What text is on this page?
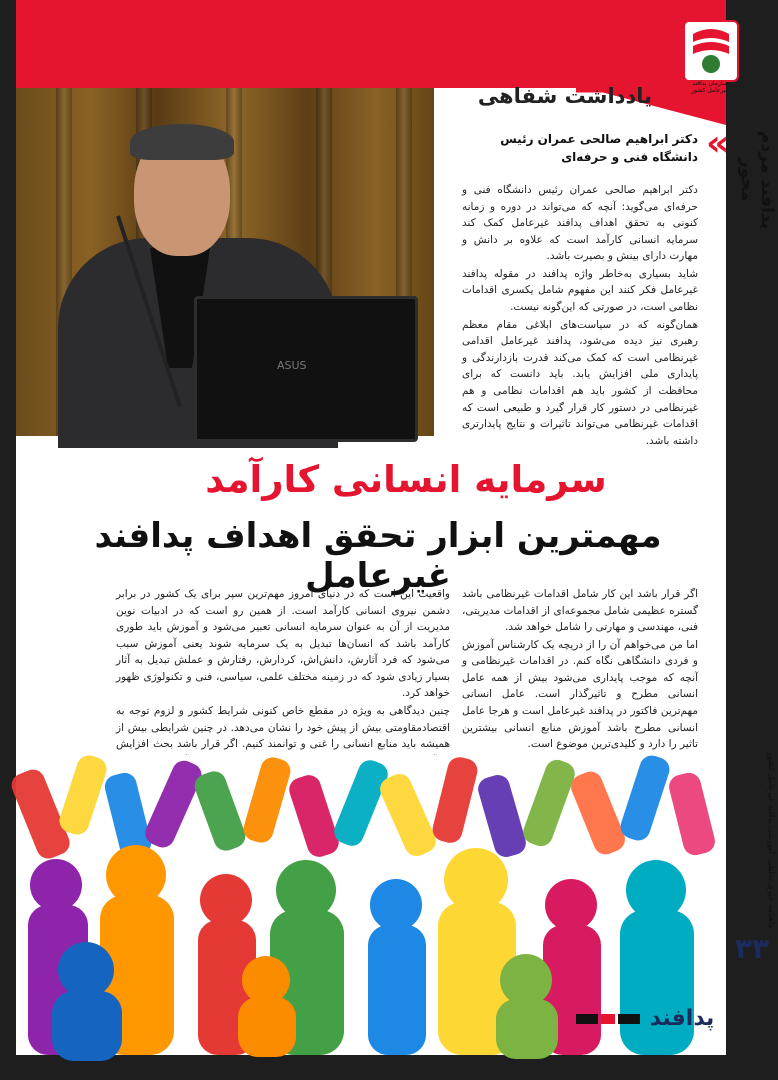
ASUS
یادداشت شفاهی
«
دکتر ابراهیم صالحی عمران رئیس دانشگاه فنی و حرفه‌ای

دکتر ابراهیم صالحی عمران رئیس دانشگاه فنی و حرفه‌ای می‌گوید: آنچه که می‌تواند در دوره و زمانه کنونی به تحقق اهداف پدافند غیرعامل کمک کند سرمایه انسانی کارآمد است که علاوه بر دانش و مهارت دارای بینش و بصیرت باشد.

شاید بسیاری به‌خاطر واژه پدافند در مقوله پدافند غیرعامل فکر کنند این مفهوم شامل یکسری اقدامات نظامی است، در صورتی که این‌گونه نیست.

همان‌گونه که در سیاست‌های ابلاغی مقام معظم رهبری نیز دیده می‌شود، پدافند غیرعامل اقدامی غیرنظامی است که کمک می‌کند قدرت بازدارندگی و پایداری ملی افزایش یابد. باید دانست که برای محافظت از کشور باید هم اقدامات نظامی و هم غیرنظامی در دستور کار قرار گیرد و طبیعی است که اقدامات غیرنظامی می‌تواند تاثیرات و نتایج پایدارتری داشته باشد.

سرمایه انسانی کارآمد
مهمترین ابزار تحقق اهداف پدافند غیرعامل	اگر قرار باشد این کار شامل اقدامات غیرنظامی باشد گستره عظیمی شامل مجموعه‌ای از اقدامات مدیریتی، فنی، مهندسی و مهارتی را شامل خواهد شد.

اما من می‌خواهم آن را از دریچه یک کارشناس آموزش و فردی دانشگاهی نگاه کنم. در اقدامات غیرنظامی و آنچه که موجب پایداری می‌شود بیش از همه عامل انسانی مطرح و تاثیرگذار است. عامل انسانی مهم‌ترین فاکتور در پدافند غیرعامل است و هرجا عامل انسانی مطرح باشد آموزش منابع انسانی بیشترین تاثیر را دارد و کلیدی‌ترین موضوع است.

واقعیت این است که در دنیای امروز مهم‌ترین سپر برای یک کشور در برابر دشمن نیروی انسانی کارآمد است. از همین رو است که در ادبیات نوین مدیریت از آن به عنوان سرمایه انسانی تعبیر می‌شود و آموزش باید طوری کارآمد باشد که انسان‌ها تبدیل به یک سرمایه شوند یعنی آموزش سبب می‌شود که فرد آثارش، دانش‌اش، کردارش، رفتارش و عملش تبدیل به آثار بسیار زیادی شود که در زمینه مختلف علمی، سیاسی، فنی و تکنولوژی ظهور خواهد کرد.

چنین دیدگاهی به ویژه در مقطع خاص کنونی شرایط کشور و لزوم توجه به اقتصادمقاومتی بیش از پیش خود را نشان می‌دهد. در چنین شرایطی بیش از همیشه باید منابع انسانی را غنی و توانمند کنیم. اگر قرار باشد بحث افزایش

سازمان پدافند غیرعامل کشور
پدافند مردم محور
ماهنامه خبری تحلیلی، آموزشی پدافند غیرعامل کشور
۳۳
پدافند
